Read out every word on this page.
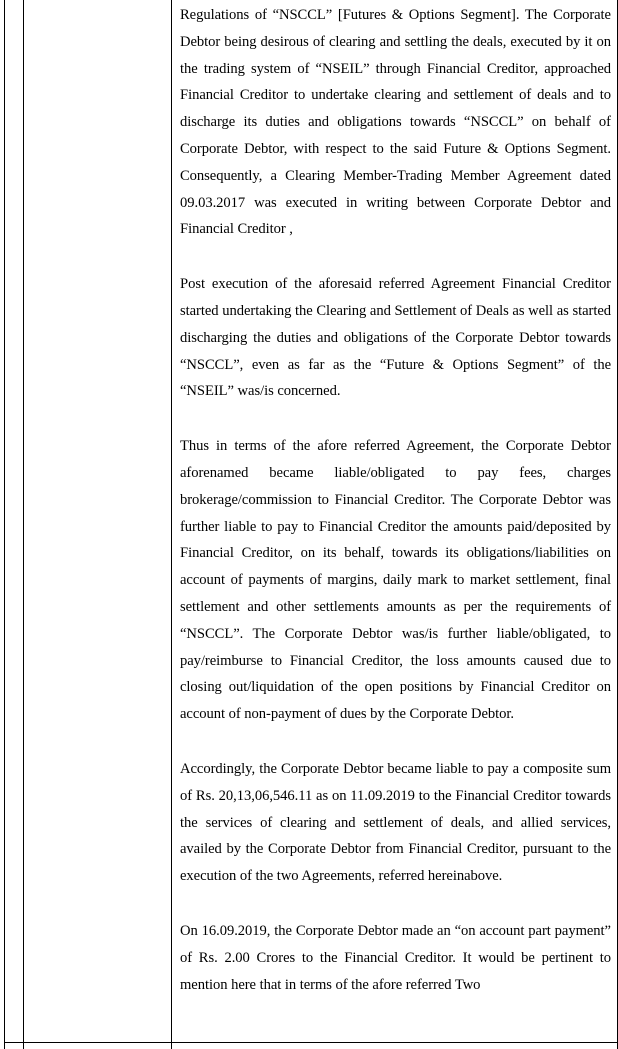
Regulations of “NSCCL” [Futures & Options Segment]. The Corporate Debtor being desirous of clearing and settling the deals, executed by it on the trading system of “NSEIL” through Financial Creditor, approached Financial Creditor to undertake clearing and settlement of deals and to discharge its duties and obligations towards “NSCCL” on behalf of Corporate Debtor, with respect to the said Future & Options Segment. Consequently, a Clearing Member-Trading Member Agreement dated 09.03.2017 was executed in writing between Corporate Debtor and Financial Creditor ,

Post execution of the aforesaid referred Agreement Financial Creditor started undertaking the Clearing and Settlement of Deals as well as started discharging the duties and obligations of the Corporate Debtor towards “NSCCL”, even as far as the “Future & Options Segment” of the “NSEIL” was/is concerned.

Thus in terms of the afore referred Agreement, the Corporate Debtor aforenamed became liable/obligated to pay fees, charges brokerage/commission to Financial Creditor. The Corporate Debtor was further liable to pay to Financial Creditor the amounts paid/deposited by Financial Creditor, on its behalf, towards its obligations/liabilities on account of payments of margins, daily mark to market settlement, final settlement and other settlements amounts as per the requirements of “NSCCL”. The Corporate Debtor was/is further liable/obligated, to pay/reimburse to Financial Creditor, the loss amounts caused due to closing out/liquidation of the open positions by Financial Creditor on account of non-payment of dues by the Corporate Debtor.

Accordingly, the Corporate Debtor became liable to pay a composite sum of Rs. 20,13,06,546.11 as on 11.09.2019 to the Financial Creditor towards the services of clearing and settlement of deals, and allied services, availed by the Corporate Debtor from Financial Creditor, pursuant to the execution of the two Agreements, referred hereinabove.

On 16.09.2019, the Corporate Debtor made an “on account part payment” of Rs. 2.00 Crores to the Financial Creditor. It would be pertinent to mention here that in terms of the afore referred Two
